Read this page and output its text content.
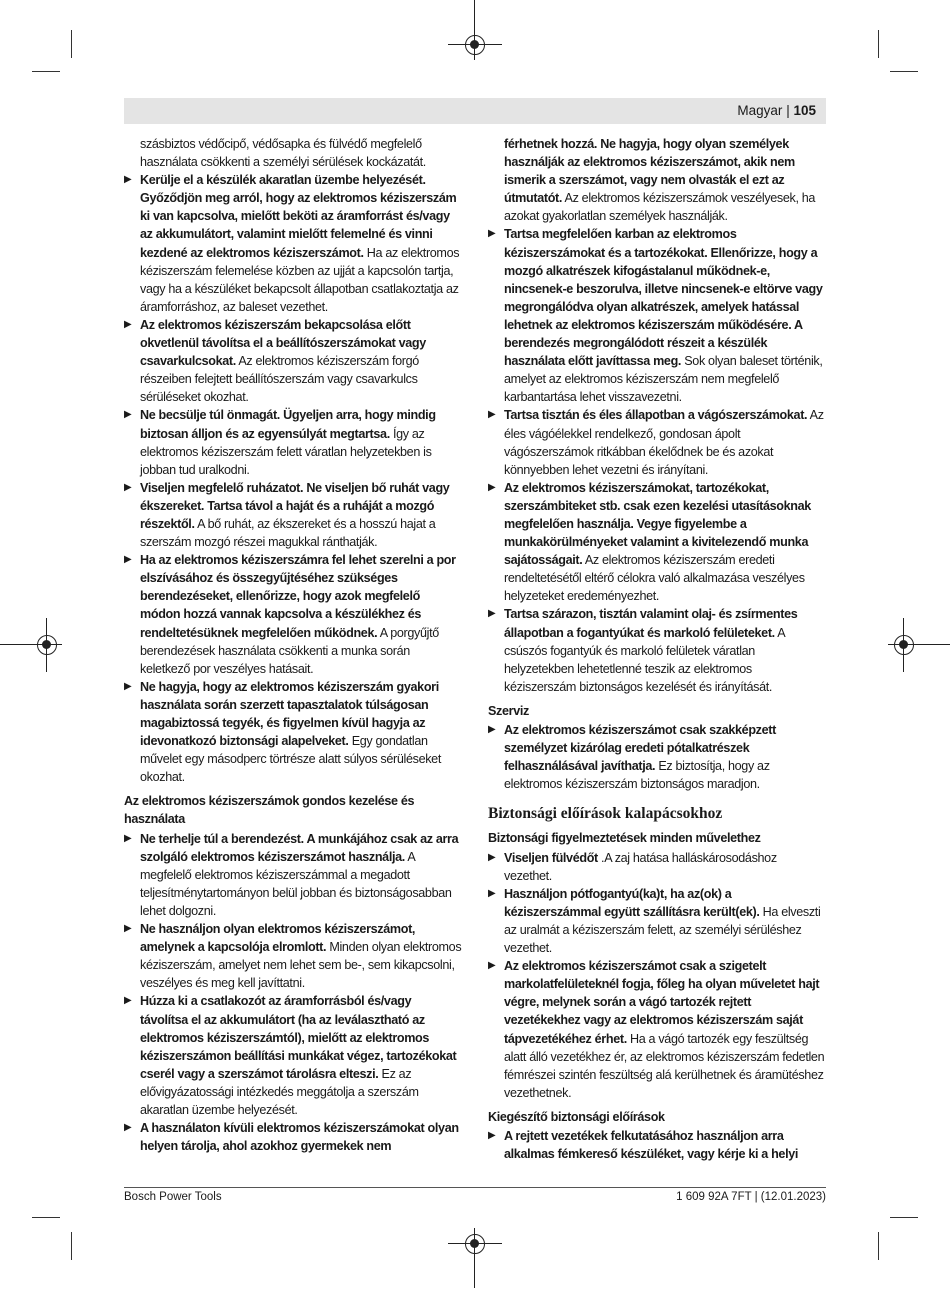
Magyar | 105
szásbiztos védőcipő, védősapka és fülvédő megfelelő használata csökkenti a személyi sérülések kockázatát.
▶ Kerülje el a készülék akaratlan üzembe helyezését. Győződjön meg arról, hogy az elektromos kéziszerszám ki van kapcsolva, mielőtt beköti az áramforrást és/vagy az akkumulátort, valamint mielőtt felemelné és vinni kezdené az elektromos kéziszerszámot. Ha az elektromos kéziszerszám felemelése közben az ujját a kapcsolón tartja, vagy ha a készüléket bekapcsolt állapotban csatlakoztatja az áramforráshoz, az baleset vezethet.
▶ Az elektromos kéziszerszám bekapcsolása előtt okvetlenül távolítsa el a beállítószerszámokat vagy csavarkulcsokat. Az elektromos kéziszerszám forgó részeiben felejtett beállítószerszám vagy csavarkulcs sérüléseket okozhat.
▶ Ne becsülje túl önmagát. Ügyeljen arra, hogy mindig biztosan álljon és az egyensúlyát megtartsa. Így az elektromos kéziszerszám felett váratlan helyzetekben is jobban tud uralkodni.
▶ Viseljen megfelelő ruházatot. Ne viseljen bő ruhát vagy ékszereket. Tartsa távol a haját és a ruháját a mozgó részektől. A bő ruhát, az ékszereket és a hosszú hajat a szerszám mozgó részei magukkal ránthatják.
▶ Ha az elektromos kéziszerszámra fel lehet szerelni a por elszívásához és összegyűjtéséhez szükséges berendezéseket, ellenőrizze, hogy azok megfelelő módon hozzá vannak kapcsolva a készülékhez és rendeltetésüknek megfelelően működnek. A porgyűjtő berendezések használata csökkenti a munka során keletkező por veszélyes hatásait.
▶ Ne hagyja, hogy az elektromos kéziszerszám gyakori használata során szerzett tapasztalatok túlságosan magabiztossá tegyék, és figyelmen kívül hagyja az idevonatkozó biztonsági alapelveket. Egy gondatlan művelet egy másodperc törtrésze alatt súlyos sérüléseket okozhat.
Az elektromos kéziszerszámok gondos kezelése és használata
▶ Ne terhelje túl a berendezést. A munkájához csak az arra szolgáló elektromos kéziszerszámot használja. A megfelelő elektromos kéziszerszámmal a megadott teljesítménytartományon belül jobban és biztonságosabban lehet dolgozni.
▶ Ne használjon olyan elektromos kéziszerszámot, amelynek a kapcsolója elromlott. Minden olyan elektromos kéziszerszám, amelyet nem lehet sem be-, sem kikapcsolni, veszélyes és meg kell javíttatni.
▶ Húzza ki a csatlakozót az áramforrásból és/vagy távolítsa el az akkumulátort (ha az leválasztható az elektromos kéziszerszámtól), mielőtt az elektromos kéziszerszámon beállítási munkákat végez, tartozékokat cserél vagy a szerszámot tárolásra elteszi. Ez az elővigyázatossági intézkedés meggátolja a szerszám akaratlan üzembe helyezését.
▶ A használaton kívüli elektromos kéziszerszámokat olyan helyen tárolja, ahol azokhoz gyermekek nem
férhetnek hozzá. Ne hagyja, hogy olyan személyek használják az elektromos kéziszerszámot, akik nem ismerik a szerszámot, vagy nem olvasták el ezt az útmutatót. Az elektromos kéziszerszámok veszélyesek, ha azokat gyakorlatlan személyek használják.
▶ Tartsa megfelelően karban az elektromos kéziszerszámokat és a tartozékokat. Ellenőrizze, hogy a mozgó alkatrészek kifogástalanul működnek-e, nincsenek-e beszorulva, illetve nincsenek-e eltörve vagy megrongálódva olyan alkatrészek, amelyek hatással lehetnek az elektromos kéziszerszám működésére. A berendezés megrongálódott részeit a készülék használata előtt javíttassa meg. Sok olyan baleset történik, amelyet az elektromos kéziszerszám nem megfelelő karbantartása lehet visszavezetni.
▶ Tartsa tisztán és éles állapotban a vágószerszámokat. Az éles vágóélekkel rendelkező, gondosan ápolt vágószerszámok ritkábban ékelődnek be és azokat könnyebben lehet vezetni és irányítani.
▶ Az elektromos kéziszerszámokat, tartozékokat, szerszámbiteket stb. csak ezen kezelési utasításoknak megfelelően használja. Vegye figyelembe a munkakörülményeket valamint a kivitelezendő munka sajátosságait. Az elektromos kéziszerszám eredeti rendeltetésétől eltérő célokra való alkalmazása veszélyes helyzeteket eredeményezhet.
▶ Tartsa szárazon, tisztán valamint olaj- és zsírmentes állapotban a fogantyúkat és markoló felületeket. A csúszós fogantyúk és markoló felületek váratlan helyzetekben lehetetlenné teszik az elektromos kéziszerszám biztonságos kezelését és irányítását.
Szerviz
▶ Az elektromos kéziszerszámot csak szakképzett személyzet kizárólag eredeti pótalkatrészek felhasználásával javíthatja. Ez biztosítja, hogy az elektromos kéziszerszám biztonságos maradjon.
Biztonsági előírások kalapácsokhoz
Biztonsági figyelmeztetések minden művelethez
▶ Viseljen fülvédőt .A zaj hatása halláskárosodáshoz vezethet.
▶ Használjon pótfogantyú(ka)t, ha az(ok) a kéziszerszámmal együtt szállításra került(ek). Ha elveszti az uralmát a kéziszerszám felett, az személyi sérüléshez vezethet.
▶ Az elektromos kéziszerszámot csak a szigetelt markolatfelületeknél fogja, főleg ha olyan műveletet hajt végre, melynek során a vágó tartozék rejtett vezetékekhez vagy az elektromos kéziszerszám saját tápvezetékéhez érhet. Ha a vágó tartozék egy feszültség alatt álló vezetékhez ér, az elektromos kéziszerszám fedetlen fémrészei szintén feszültség alá kerülhetnek és áramütéshez vezethetnek.
Kiegészítő biztonsági előírások
▶ A rejtett vezetékek felkutatásához használjon arra alkalmas fémkereső készüléket, vagy kérje ki a helyi
Bosch Power Tools	1 609 92A 7FT | (12.01.2023)
